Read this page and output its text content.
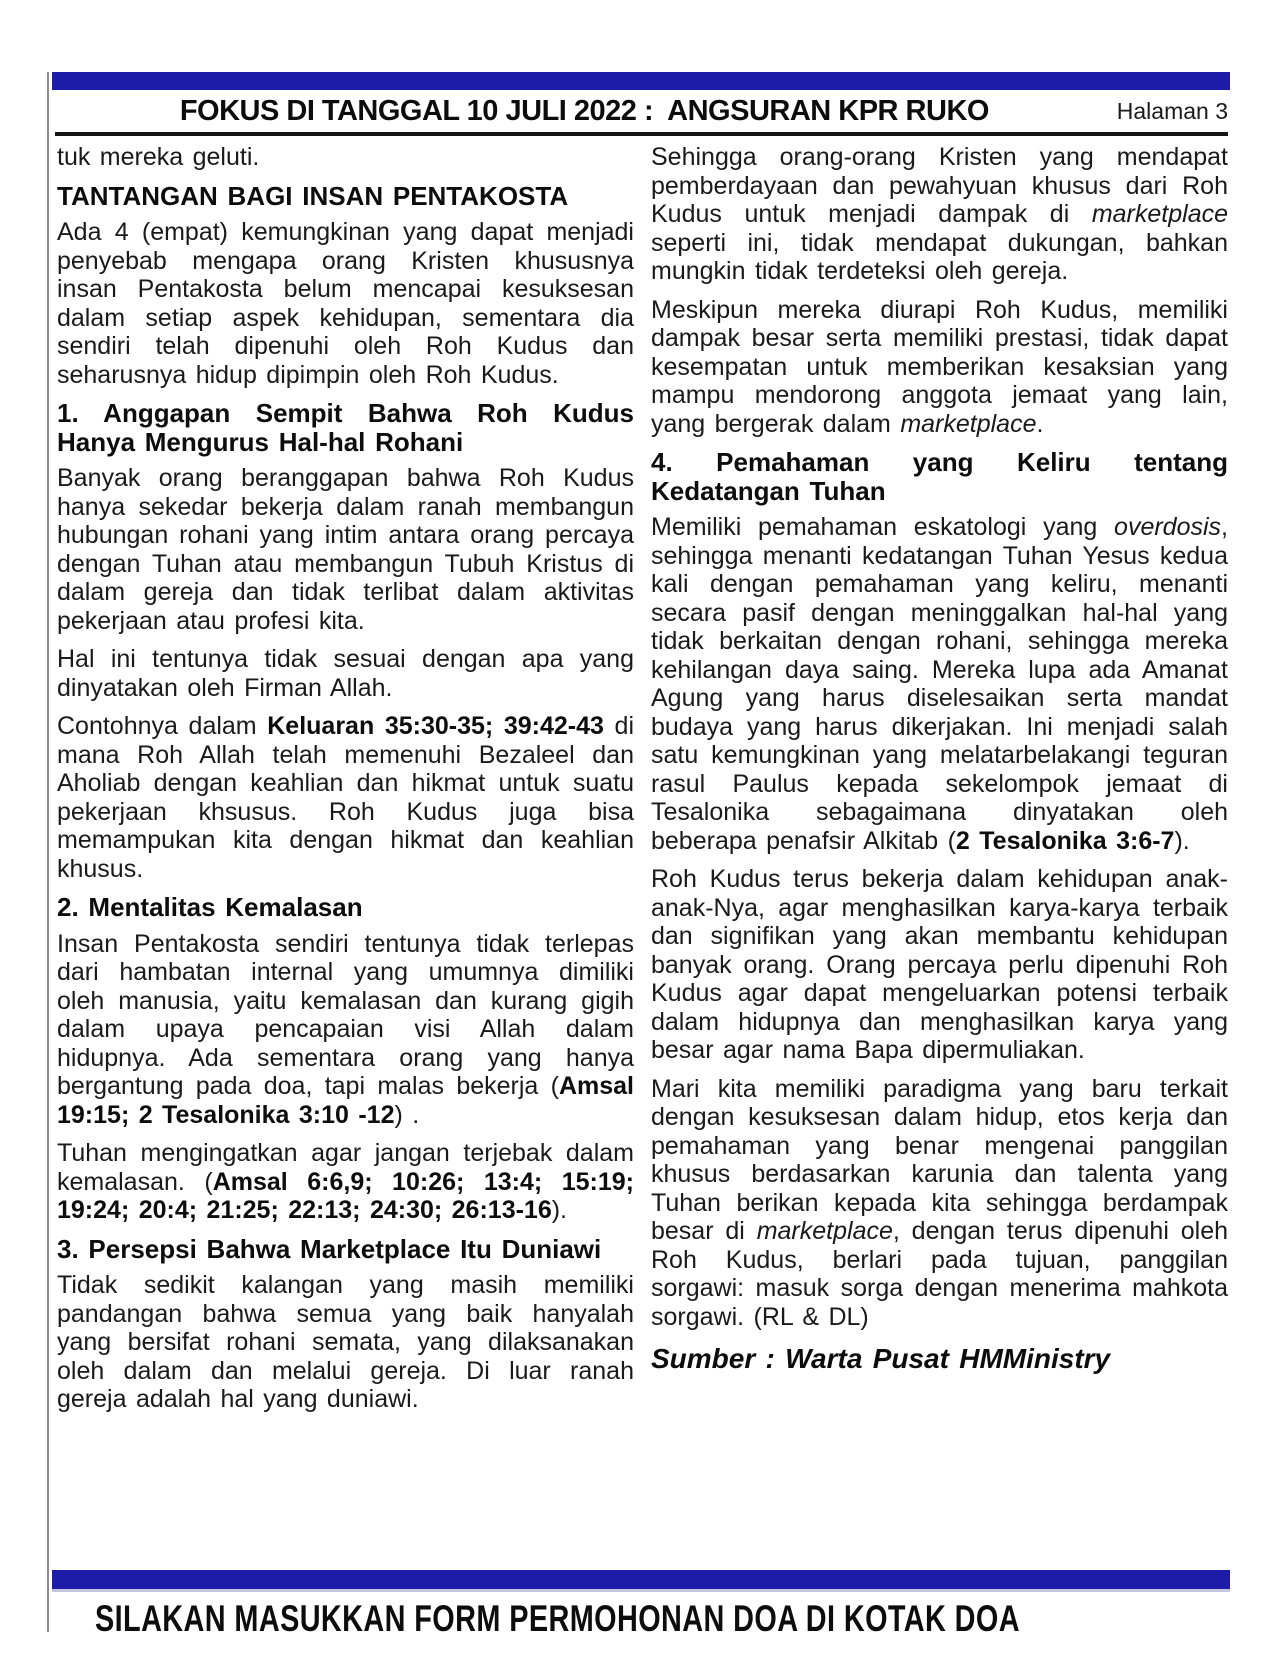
FOKUS DI TANGGAL 10 JULI 2022 :  ANGSURAN KPR RUKO	Halaman 3

tuk mereka geluti.

TANTANGAN BAGI INSAN PENTAKOSTA

Ada 4 (empat) kemungkinan yang dapat menjadi penyebab mengapa orang Kristen khususnya insan Pentakosta belum mencapai kesuksesan dalam setiap aspek kehidupan, sementara dia sendiri telah dipenuhi oleh Roh Kudus dan seharusnya hidup dipimpin oleh Roh Kudus.

1. Anggapan Sempit Bahwa Roh Kudus Hanya Mengurus Hal-hal Rohani

Banyak orang beranggapan bahwa Roh Kudus hanya sekedar bekerja dalam ranah membangun hubungan rohani yang intim antara orang percaya dengan Tuhan atau membangun Tubuh Kristus di dalam gereja dan tidak terlibat dalam aktivitas pekerjaan atau profesi kita.

Hal ini tentunya tidak sesuai dengan apa yang dinyatakan oleh Firman Allah.

Contohnya dalam Keluaran 35:30-35; 39:42-43 di mana Roh Allah telah memenuhi Bezaleel dan Aholiab dengan keahlian dan hikmat untuk suatu pekerjaan khsusus. Roh Kudus juga bisa memampukan kita dengan hikmat dan keahlian khusus.

2. Mentalitas Kemalasan

Insan Pentakosta sendiri tentunya tidak terlepas dari hambatan internal yang umumnya dimiliki oleh manusia, yaitu kemalasan dan kurang gigih dalam upaya pencapaian visi Allah dalam hidupnya. Ada sementara orang yang hanya bergantung pada doa, tapi malas bekerja (Amsal 19:15; 2 Tesalonika 3:10 -12) .

Tuhan mengingatkan agar jangan terjebak dalam kemalasan. (Amsal 6:6,9; 10:26; 13:4; 15:19; 19:24; 20:4; 21:25; 22:13; 24:30; 26:13-16).

3. Persepsi Bahwa Marketplace Itu Duniawi

Tidak sedikit kalangan yang masih memiliki pandangan bahwa semua yang baik hanyalah yang bersifat rohani semata, yang dilaksanakan oleh dalam dan melalui gereja. Di luar ranah gereja adalah hal yang duniawi.

Sehingga orang-orang Kristen yang mendapat pemberdayaan dan pewahyuan khusus dari Roh Kudus untuk menjadi dampak di marketplace seperti ini, tidak mendapat dukungan, bahkan mungkin tidak terdeteksi oleh gereja.

Meskipun mereka diurapi Roh Kudus, memiliki dampak besar serta memiliki prestasi, tidak dapat kesempatan untuk memberikan kesaksian yang mampu mendorong anggota jemaat yang lain, yang bergerak dalam marketplace.

4. Pemahaman yang Keliru tentang Kedatangan Tuhan

Memiliki pemahaman eskatologi yang overdosis, sehingga menanti kedatangan Tuhan Yesus kedua kali dengan pemahaman yang keliru, menanti secara pasif dengan meninggalkan hal-hal yang tidak berkaitan dengan rohani, sehingga mereka kehilangan daya saing. Mereka lupa ada Amanat Agung yang harus diselesaikan serta mandat budaya yang harus dikerjakan. Ini menjadi salah satu kemungkinan yang melatarbelakangi teguran rasul Paulus kepada sekelompok jemaat di Tesalonika sebagaimana dinyatakan oleh beberapa penafsir Alkitab (2 Tesalonika 3:6-7).

Roh Kudus terus bekerja dalam kehidupan anak-anak-Nya, agar menghasilkan karya-karya terbaik dan signifikan yang akan membantu kehidupan banyak orang. Orang percaya perlu dipenuhi Roh Kudus agar dapat mengeluarkan potensi terbaik dalam hidupnya dan menghasilkan karya yang besar agar nama Bapa dipermuliakan.

Mari kita memiliki paradigma yang baru terkait dengan kesuksesan dalam hidup, etos kerja dan pemahaman yang benar mengenai panggilan khusus berdasarkan karunia dan talenta yang Tuhan berikan kepada kita sehingga berdampak besar di marketplace, dengan terus dipenuhi oleh Roh Kudus, berlari pada tujuan, panggilan sorgawi: masuk sorga dengan menerima mahkota sorgawi. (RL & DL)

Sumber : Warta Pusat HMMinistry

SILAKAN MASUKKAN FORM PERMOHONAN DOA DI KOTAK DOA
